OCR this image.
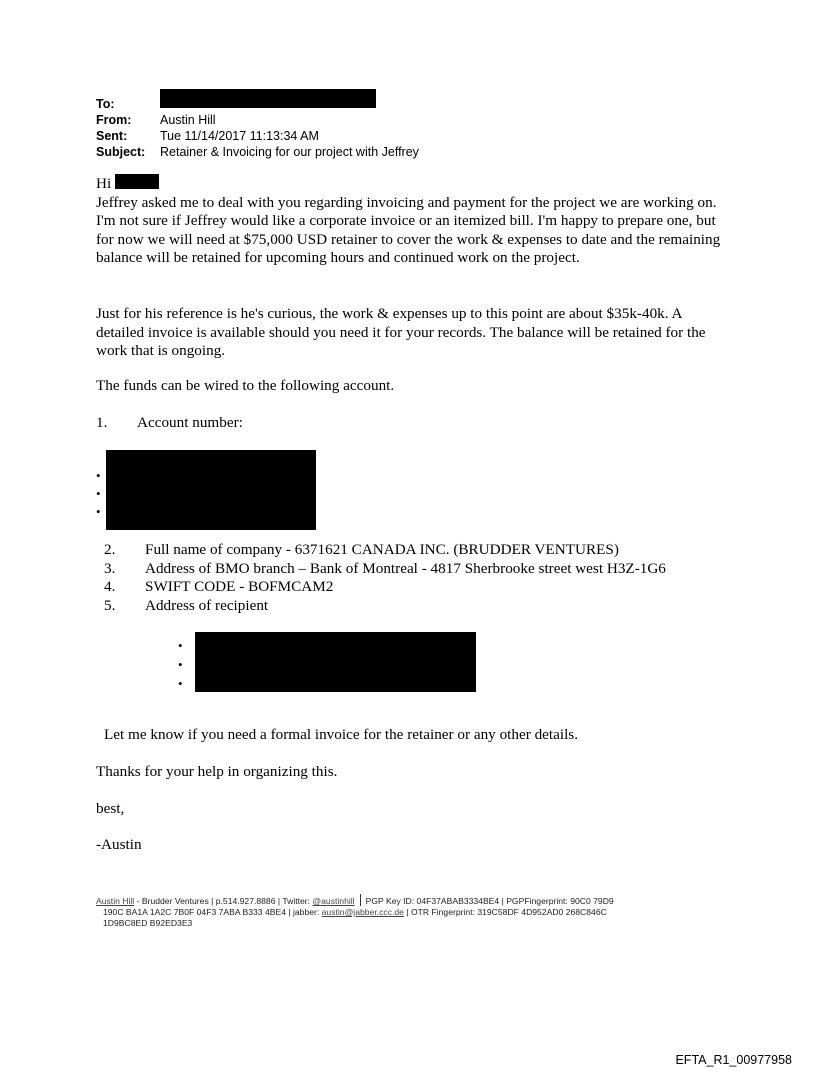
To:
From:	Austin Hill
Sent:	Tue 11/14/2017 11:13:34 AM
Subject:	Retainer & Invoicing for our project with Jeffrey
Hi
Jeffrey asked me to deal with you regarding invoicing and payment for the project we are working on. I'm not sure if Jeffrey would like a corporate invoice or an itemized bill. I'm happy to prepare one, but for now we will need at $75,000 USD retainer to cover the work & expenses to date and the remaining balance will be retained for upcoming hours and continued work on the project.
Just for his reference is he's curious, the work & expenses up to this point are about $35k-40k. A detailed invoice is available should you need it for your records. The balance will be retained for the work that is ongoing.
The funds can be wired to the following account.
1. Account number:
•
•
•
2.	Full name of company - 6371621 CANADA INC. (BRUDDER VENTURES)
3.	Address of BMO branch – Bank of Montreal - 4817 Sherbrooke street west H3Z-1G6
4.	SWIFT CODE - BOFMCAM2
5.	Address of recipient
•
•
•
Let me know if you need a formal invoice for the retainer or any other details.
Thanks for your help in organizing this.
best,
-Austin
Austin Hill - Brudder Ventures | p.514.927.8886 | Twitter: @austinhill PGP Key ID: 04F37ABAB3334BE4 | PGPFingerprint: 90C0 79D9
190C BA1A 1A2C 7B0F 04F3 7ABA B333 4BE4 | jabber: austin@jabber.ccc.de | OTR Fingerprint: 319C58DF 4D952AD0 268C846C
1D9BC8ED B92ED3E3
EFTA_R1_00977958
